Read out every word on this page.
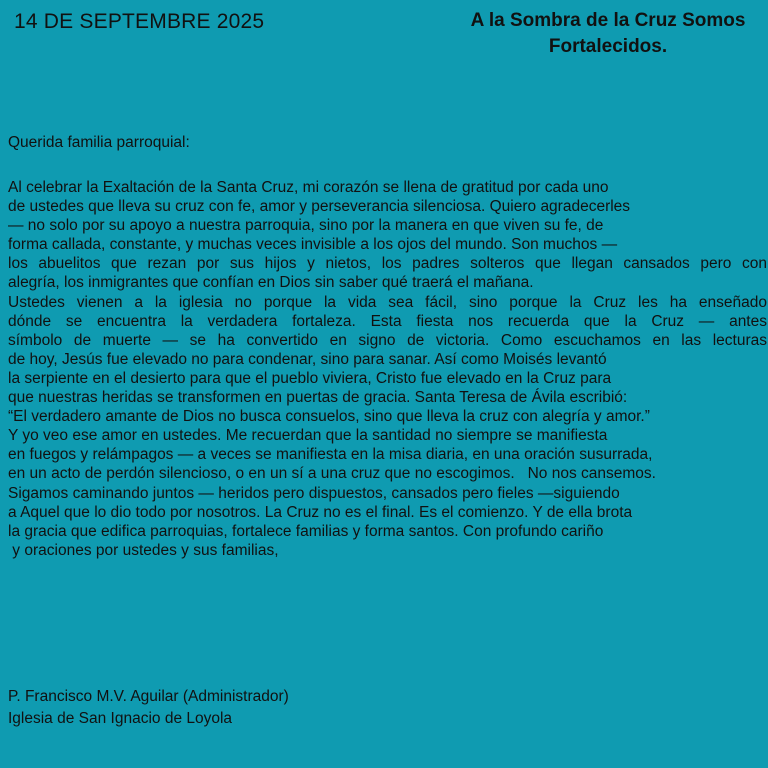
14 DE SEPTEMBRE 2025	A la Sombra de la Cruz Somos
Fortalecidos.
Querida familia parroquial:
Al celebrar la Exaltación de la Santa Cruz, mi corazón se llena de gratitud por cada uno
de ustedes que lleva su cruz con fe, amor y perseverancia silenciosa. Quiero agradecerles
— no solo por su apoyo a nuestra parroquia, sino por la manera en que viven su fe, de
forma callada, constante, y muchas veces invisible a los ojos del mundo. Son muchos —
los abuelitos que rezan por sus hijos y nietos, los padres solteros que llegan cansados pero con
alegría, los inmigrantes que confían en Dios sin saber qué traerá el mañana.
Ustedes vienen a la iglesia no porque la vida sea fácil, sino porque la Cruz les ha enseñado
dónde se encuentra la verdadera fortaleza. Esta fiesta nos recuerda que la Cruz — antes
símbolo de muerte — se ha convertido en signo de victoria. Como escuchamos en las lecturas
de hoy, Jesús fue elevado no para condenar, sino para sanar. Así como Moisés levantó
la serpiente en el desierto para que el pueblo viviera, Cristo fue elevado en la Cruz para
que nuestras heridas se transformen en puertas de gracia. Santa Teresa de Ávila escribió:
“El verdadero amante de Dios no busca consuelos, sino que lleva la cruz con alegría y amor.”
Y yo veo ese amor en ustedes. Me recuerdan que la santidad no siempre se manifiesta
en fuegos y relámpagos — a veces se manifiesta en la misa diaria, en una oración susurrada,
en un acto de perdón silencioso, o en un sí a una cruz que no escogimos.   No nos cansemos.
Sigamos caminando juntos — heridos pero dispuestos, cansados pero fieles —siguiendo
a Aquel que lo dio todo por nosotros. La Cruz no es el final. Es el comienzo. Y de ella brota
la gracia que edifica parroquias, fortalece familias y forma santos. Con profundo cariño
y oraciones por ustedes y sus familias,
P. Francisco M.V. Aguilar (Administrador)
Iglesia de San Ignacio de Loyola
